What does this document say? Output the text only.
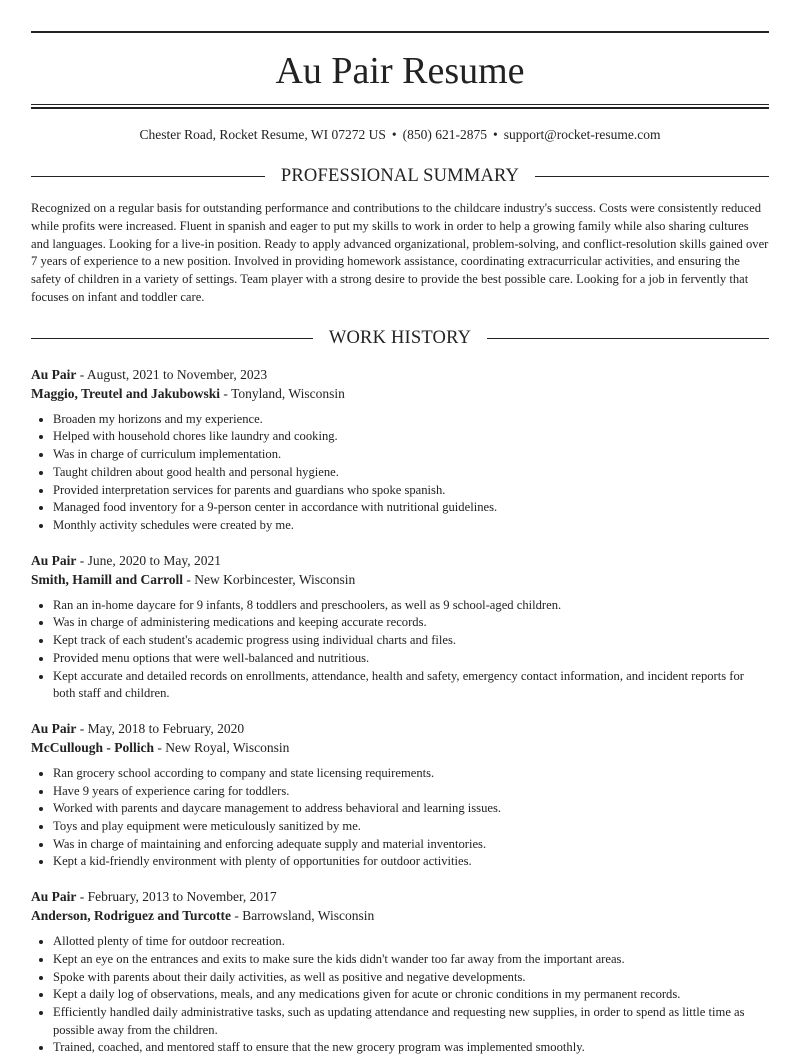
Au Pair Resume
Chester Road, Rocket Resume, WI 07272 US • (850) 621-2875 • support@rocket-resume.com
PROFESSIONAL SUMMARY
Recognized on a regular basis for outstanding performance and contributions to the childcare industry's success. Costs were consistently reduced while profits were increased. Fluent in spanish and eager to put my skills to work in order to help a growing family while also sharing cultures and languages. Looking for a live-in position. Ready to apply advanced organizational, problem-solving, and conflict-resolution skills gained over 7 years of experience to a new position. Involved in providing homework assistance, coordinating extracurricular activities, and ensuring the safety of children in a variety of settings. Team player with a strong desire to provide the best possible care. Looking for a job in fervently that focuses on infant and toddler care.
WORK HISTORY
Au Pair - August, 2021 to November, 2023
Maggio, Treutel and Jakubowski - Tonyland, Wisconsin
• Broaden my horizons and my experience.
• Helped with household chores like laundry and cooking.
• Was in charge of curriculum implementation.
• Taught children about good health and personal hygiene.
• Provided interpretation services for parents and guardians who spoke spanish.
• Managed food inventory for a 9-person center in accordance with nutritional guidelines.
• Monthly activity schedules were created by me.
Au Pair - June, 2020 to May, 2021
Smith, Hamill and Carroll - New Korbincester, Wisconsin
• Ran an in-home daycare for 9 infants, 8 toddlers and preschoolers, as well as 9 school-aged children.
• Was in charge of administering medications and keeping accurate records.
• Kept track of each student's academic progress using individual charts and files.
• Provided menu options that were well-balanced and nutritious.
• Kept accurate and detailed records on enrollments, attendance, health and safety, emergency contact information, and incident reports for both staff and children.
Au Pair - May, 2018 to February, 2020
McCullough - Pollich - New Royal, Wisconsin
• Ran grocery school according to company and state licensing requirements.
• Have 9 years of experience caring for toddlers.
• Worked with parents and daycare management to address behavioral and learning issues.
• Toys and play equipment were meticulously sanitized by me.
• Was in charge of maintaining and enforcing adequate supply and material inventories.
• Kept a kid-friendly environment with plenty of opportunities for outdoor activities.
Au Pair - February, 2013 to November, 2017
Anderson, Rodriguez and Turcotte - Barrowsland, Wisconsin
• Allotted plenty of time for outdoor recreation.
• Kept an eye on the entrances and exits to make sure the kids didn't wander too far away from the important areas.
• Spoke with parents about their daily activities, as well as positive and negative developments.
• Kept a daily log of observations, meals, and any medications given for acute or chronic conditions in my permanent records.
• Efficiently handled daily administrative tasks, such as updating attendance and requesting new supplies, in order to spend as little time as possible away from the children.
• Trained, coached, and mentored staff to ensure that the new grocery program was implemented smoothly.
